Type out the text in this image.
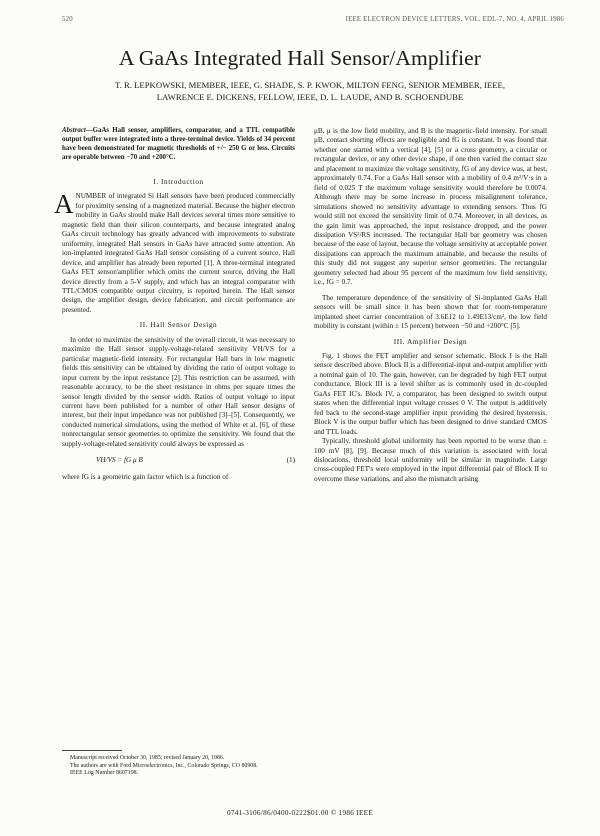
520	IEEE ELECTRON DEVICE LETTERS, VOL. EDL-7, NO. 4, APRIL 1986
A GaAs Integrated Hall Sensor/Amplifier
T. R. LEPKOWSKI, MEMBER, IEEE, G. SHADE, S. P. KWOK, MILTON FENG, SENIOR MEMBER, IEEE,
LAWRENCE E. DICKENS, FELLOW, IEEE, D. L. LAUDE, AND B. SCHOENDUBE
Abstract—GaAs Hall sensor, amplifiers, comparator, and a TTL compatible output buffer were integrated into a three-terminal device. Yields of 34 percent have been demonstrated for magnetic thresholds of +/− 250 G or less. Circuits are operable between −70 and +200°C.
I. Introduction

ANUMBER of integrated Si Hall sensors have been produced commercially for proximity sensing of a magnetized material. Because the higher electron mobility in GaAs should make Hall devices several times more sensitive to magnetic field than their silicon counterparts, and because integrated analog GaAs circuit technology has greatly advanced with improvements to substrate uniformity, integrated Hall sensors in GaAs have attracted some attention. An ion-implanted integrated GaAs Hall sensor consisting of a current source, Hall device, and amplifier has already been reported [1]. A three-terminal integrated GaAs FET sensor/amplifier which omits the current source, driving the Hall device directly from a 5-V supply, and which has an integral comparator with TTL/CMOS compatible output circuitry, is reported herein. The Hall sensor design, the amplifier design, device fabrication, and circuit performance are presented.

II. Hall Sensor Design

In order to maximize the sensitivity of the overall circuit, it was necessary to maximize the Hall sensor supply-voltage-related sensitivity VH/VS for a particular magnetic-field intensity. For rectangular Hall bars in low magnetic fields this sensitivity can be obtained by dividing the ratio of output voltage to input current by the input resistance [2]. This restriction can be assumed, with reasonable accuracy, to be the sheet resistance in ohms per square times the sensor length divided by the sensor width. Ratios of output voltage to input current have been published for a number of other Hall sensor designs of interest, but their input impedance was not published [3]–[5]. Consequently, we conducted numerical simulations, using the method of White et al. [6], of these nonrectangular sensor geometries to optimize the sensitivity. We found that the supply-voltage-related sensitivity could always be expressed as

VH/VS = fG μ B	(1)

where fG is a geometric gain factor which is a function of

Manuscript received October 30, 1985; revised January 20, 1986.

The authors are with Ford Microelectronics, Inc., Colorado Springs, CO 80908.

IEEE Log Number 8607198.

μB, μ is the low field mobility, and B is the magnetic-field intensity. For small μB, contact shorting effects are negligible and fG is constant. It was found that whether one started with a vertical [4], [5] or a cross geometry, a circular or rectangular device, or any other device shape, if one then varied the contact size and placement to maximize the voltage sensitivity, fG of any device was, at best, approximately 0.74. For a GaAs Hall sensor with a mobility of 0.4 m²/V·s in a field of 0.025 T the maximum voltage sensitivity would therefore be 0.0074. Although there may be some increase in process misalignment tolerance, simulations showed no sensitivity advantage to extending sensors. Thus fG would still not exceed the sensitivity limit of 0.74. Moreover, in all devices, as the gain limit was approached, the input resistance dropped, and the power dissipation VS²/RS increased. The rectangular Hall bar geometry was chosen because of the ease of layout, because the voltage sensitivity at acceptable power dissipations can approach the maximum attainable, and because the results of this study did not suggest any superior sensor geometries. The rectangular geometry selected had about 95 percent of the maximum low field sensitivity, i.e., fG = 0.7.

The temperature dependence of the sensitivity of Si-implanted GaAs Hall sensors will be small since it has been shown that for room-temperature implanted sheet carrier concentration of 3.6E12 to 1.49E13/cm², the low field mobility is constant (within ± 15 percent) between −50 and +200°C [5].

III. Amplifier Design

Fig. 1 shows the FET amplifier and sensor schematic. Block I is the Hall sensor described above. Block II is a differential-input and-output amplifier with a nominal gain of 10. The gain, however, can be degraded by high FET output conductance. Block III is a level shifter as is commonly used in dc-coupled GaAs FET IC's. Block IV, a comparator, has been designed to switch output states when the differential input voltage crosses 0 V. The output is additively fed back to the second-stage amplifier input providing the desired hysteresis. Block V is the output buffer which has been designed to drive standard CMOS and TTL loads.

Typically, threshold global uniformity has been reported to be worse than ± 100 mV [8], [9]. Because much of this variation is associated with local dislocations, threshold local uniformity will be similar in magnitude. Large cross-coupled FET's were employed in the input differential pair of Block II to overcome these variations, and also the mismatch arising

0741-3106/86/0400-0222$01.00 © 1986 IEEE
